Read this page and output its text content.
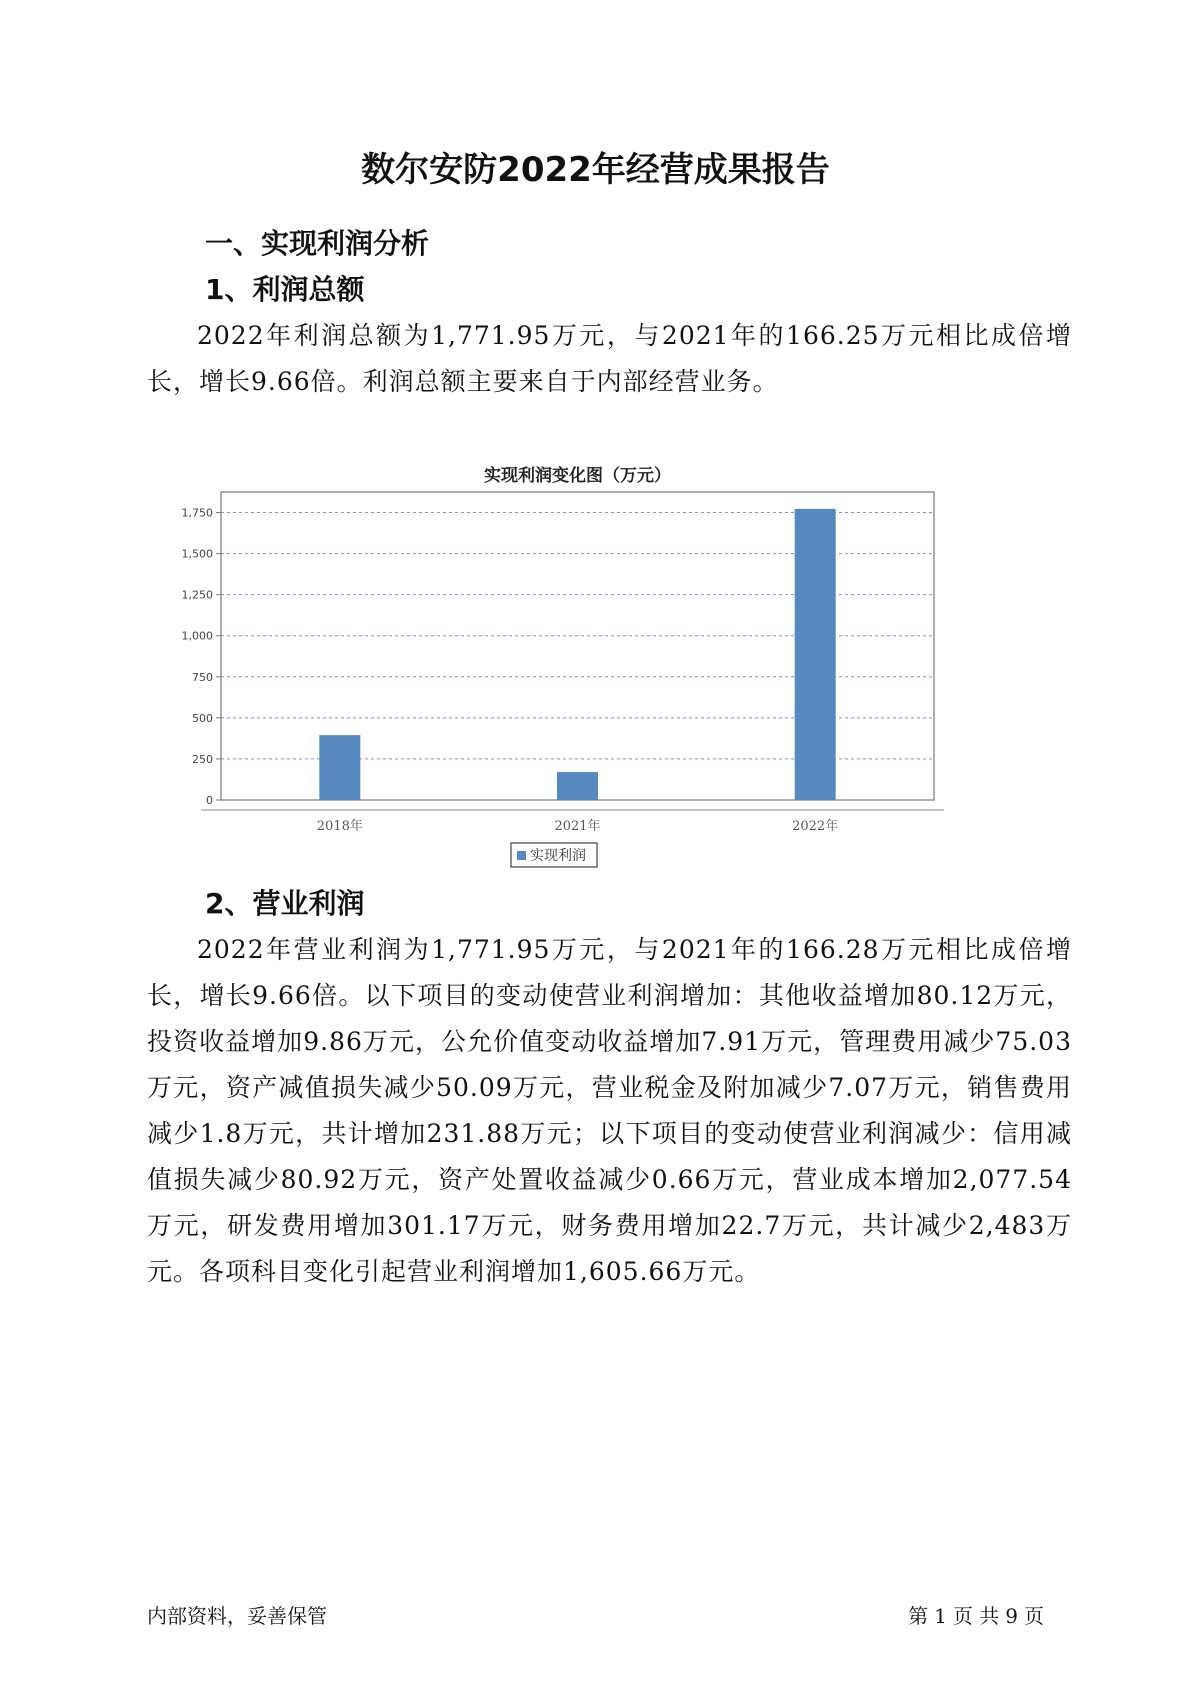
数尔安防2022年经营成果报告
一、实现利润分析
1、利润总额
2022年利润总额为1,771.95万元，与2021年的166.25万元相比成倍增长，增长9.66倍。利润总额主要来自于内部经营业务。
实现利润变化图（万元）
0
250
500
750
1,000
1,250
1,500
1,750
2018年	2021年	2022年
实现利润
2、营业利润
2022年营业利润为1,771.95万元，与2021年的166.28万元相比成倍增长，增长9.66倍。以下项目的变动使营业利润增加：其他收益增加80.12万元，投资收益增加9.86万元，公允价值变动收益增加7.91万元，管理费用减少75.03万元，资产减值损失减少50.09万元，营业税金及附加减少7.07万元，销售费用减少1.8万元，共计增加231.88万元；以下项目的变动使营业利润减少：信用减值损失减少80.92万元，资产处置收益减少0.66万元，营业成本增加2,077.54万元，研发费用增加301.17万元，财务费用增加22.7万元，共计减少2,483万元。各项科目变化引起营业利润增加1,605.66万元。
内部资料，妥善保管	第 1 页 共 9 页
